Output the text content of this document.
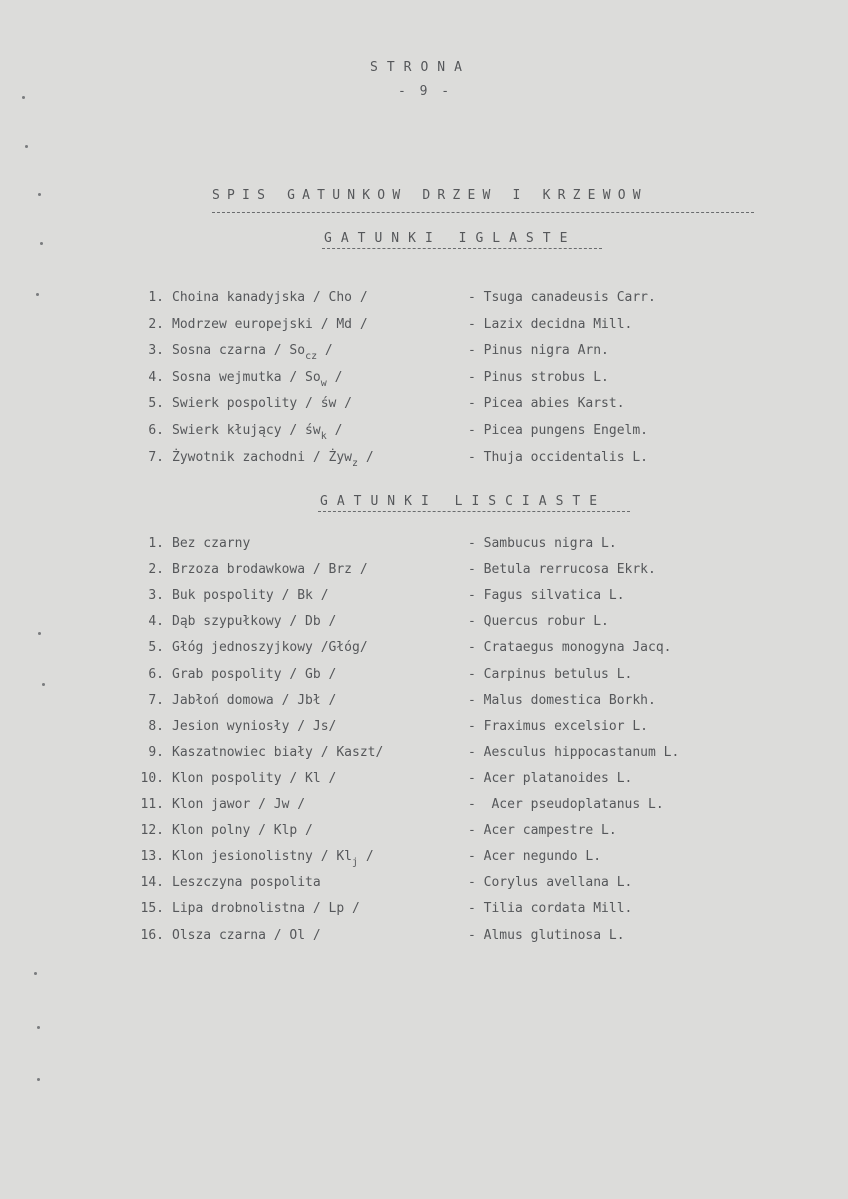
STRONA
- 9 -
SPIS GATUNKOW DRZEW I KRZEWOW
GATUNKI IGLASTE
1. Choina kanadyjska / Cho /	- Tsuga canadeusis Carr.
2. Modrzew europejski / Md /	- Lazix decidna Mill.
3. Sosna czarna / $So_{cz}$ /	- Pinus nigra Arn.
4. Sosna wejmutka / $So_w$ /	- Pinus strobus L.
5. Swierk pospolity / św /	- Picea abies Karst.
6. Swierk kłujący / $św_k$ /	- Picea pungens Engelm.
7. Żywotnik zachodni / Żyw$_z$ /	- Thuja occidentalis L.
GATUNKI LISCIASTE
1. Bez czarny	- Sambucus nigra L.
2. Brzoza brodawkowa / Brz /	- Betula rerrucosa Ekrk.
3. Buk pospolity / Bk /	- Fagus silvatica L.
4. Dąb szypułkowy / Db /	- Quercus robur L.
5. Głóg jednoszyjkowy /Głóg/	- Crataegus monogyna Jacq.
6. Grab pospolity / Gb /	- Carpinus betulus L.
7. Jabłoń domowa / Jbł /	- Malus domestica Borkh.
8. Jesion wyniosły / Js/	- Fraximus excelsior L.
9. Kaszatnowiec biały / Kaszt/	- Aesculus hippocastanum L.
10. Klon pospolity / Kl /	- Acer platanoides L.
11. Klon jawor / Jw /	-  Acer pseudoplatanus L.
12. Klon polny / Klp /	- Acer campestre L.
13. Klon jesionolistny / $Kl_j$ /	- Acer negundo L.
14. Leszczyna pospolita	- Corylus avellana L.
15. Lipa drobnolistna / Lp /	- Tilia cordata Mill.
16. Olsza czarna / Ol /	- Almus glutinosa L.
